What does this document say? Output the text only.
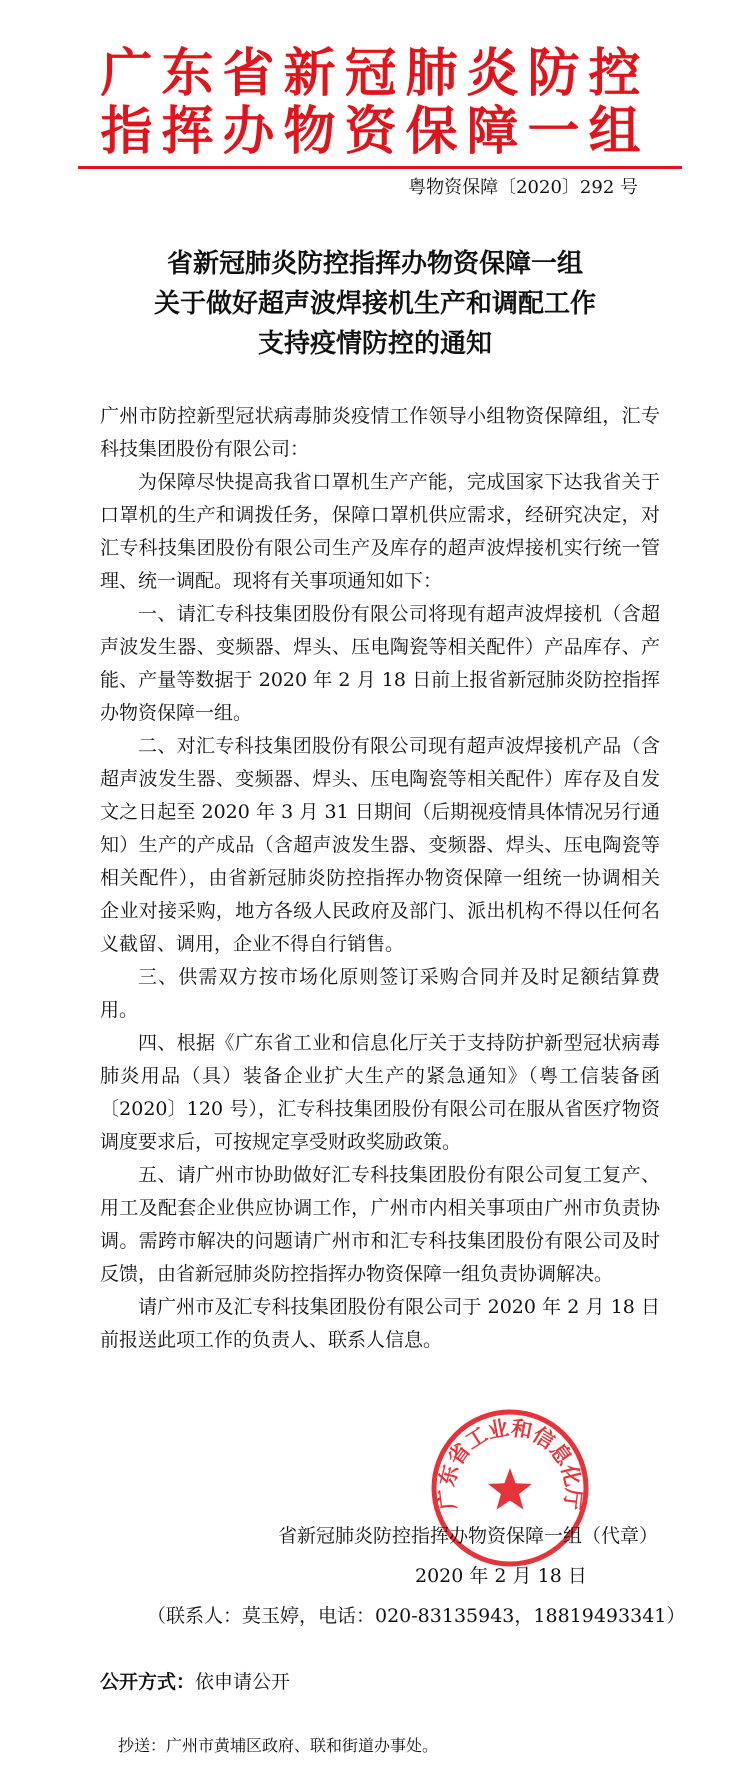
广东省新冠肺炎防控
指挥办物资保障一组
粤物资保障〔2020〕292 号
省新冠肺炎防控指挥办物资保障一组
关于做好超声波焊接机生产和调配工作
支持疫情防控的通知

广州市防控新型冠状病毒肺炎疫情工作领导小组物资保障组，汇专科技集团股份有限公司：

为保障尽快提高我省口罩机生产产能，完成国家下达我省关于口罩机的生产和调拨任务，保障口罩机供应需求，经研究决定，对汇专科技集团股份有限公司生产及库存的超声波焊接机实行统一管理、统一调配。现将有关事项通知如下：

一、请汇专科技集团股份有限公司将现有超声波焊接机（含超声波发生器、变频器、焊头、压电陶瓷等相关配件）产品库存、产能、产量等数据于 2020 年 2 月 18 日前上报省新冠肺炎防控指挥办物资保障一组。

二、对汇专科技集团股份有限公司现有超声波焊接机产品（含超声波发生器、变频器、焊头、压电陶瓷等相关配件）库存及自发文之日起至 2020 年 3 月 31 日期间（后期视疫情具体情况另行通知）生产的产成品（含超声波发生器、变频器、焊头、压电陶瓷等相关配件），由省新冠肺炎防控指挥办物资保障一组统一协调相关企业对接采购，地方各级人民政府及部门、派出机构不得以任何名义截留、调用，企业不得自行销售。

三、供需双方按市场化原则签订采购合同并及时足额结算费用。

四、根据《广东省工业和信息化厅关于支持防护新型冠状病毒肺炎用品（具）装备企业扩大生产的紧急通知》（粤工信装备函〔2020〕120 号），汇专科技集团股份有限公司在服从省医疗物资调度要求后，可按规定享受财政奖励政策。

五、请广州市协助做好汇专科技集团股份有限公司复工复产、用工及配套企业供应协调工作，广州市内相关事项由广州市负责协调。需跨市解决的问题请广州市和汇专科技集团股份有限公司及时反馈，由省新冠肺炎防控指挥办物资保障一组负责协调解决。

请广州市及汇专科技集团股份有限公司于 2020 年 2 月 18 日前报送此项工作的负责人、联系人信息。

广东省工业和信息化厅
省新冠肺炎防控指挥办物资保障一组（代章）
2020 年 2 月 18 日
（联系人：莫玉婷，电话：020-83135943，18819493341）
公开方式：依申请公开
抄送：广州市黄埔区政府、联和街道办事处。
